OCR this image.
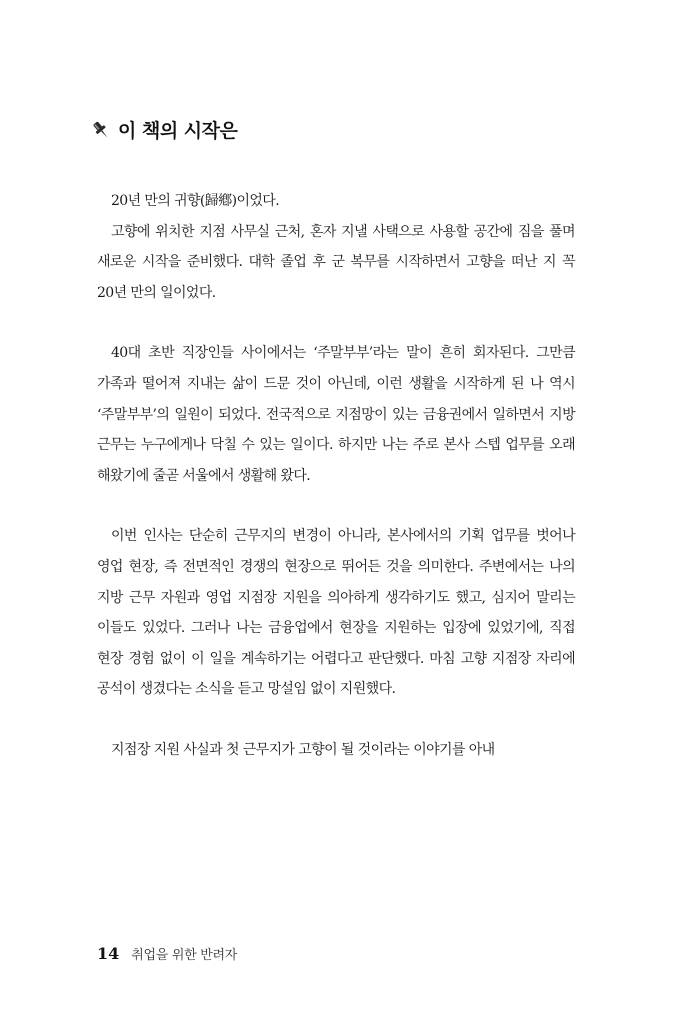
이 책의 시작은

20년 만의 귀향(歸鄕)이었다.

고향에 위치한 지점 사무실 근처, 혼자 지낼 사택으로 사용할 공간에 짐을 풀며 새로운 시작을 준비했다. 대학 졸업 후 군 복무를 시작하면서 고향을 떠난 지 꼭 20년 만의 일이었다.

40대 초반 직장인들 사이에서는 ‘주말부부’라는 말이 흔히 회자된다. 그만큼 가족과 떨어져 지내는 삶이 드문 것이 아닌데, 이런 생활을 시작하게 된 나 역시 ‘주말부부’의 일원이 되었다. 전국적으로 지점망이 있는 금융권에서 일하면서 지방 근무는 누구에게나 닥칠 수 있는 일이다. 하지만 나는 주로 본사 스텝 업무를 오래 해왔기에 줄곧 서울에서 생활해 왔다.

이번 인사는 단순히 근무지의 변경이 아니라, 본사에서의 기획 업무를 벗어나 영업 현장, 즉 전면적인 경쟁의 현장으로 뛰어든 것을 의미한다. 주변에서는 나의 지방 근무 자원과 영업 지점장 지원을 의아하게 생각하기도 했고, 심지어 말리는 이들도 있었다. 그러나 나는 금융업에서 현장을 지원하는 입장에 있었기에, 직접 현장 경험 없이 이 일을 계속하기는 어렵다고 판단했다. 마침 고향 지점장 자리에 공석이 생겼다는 소식을 듣고 망설임 없이 지원했다.

지점장 지원 사실과 첫 근무지가 고향이 될 것이라는 이야기를 아내

14 취업을 위한 반려자
